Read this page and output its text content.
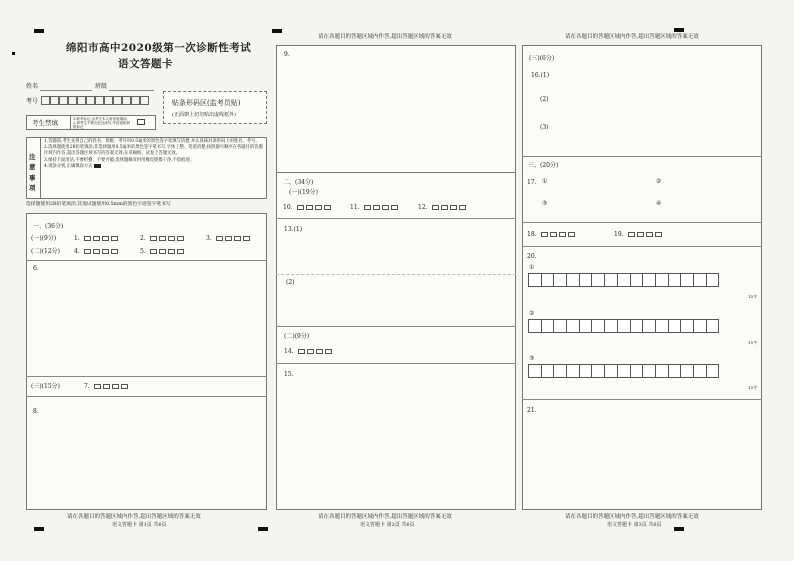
绵阳市高中2020级第一次诊断性考试
语文答题卡
姓名	班级
考号	贴条形码区(监考员贴)
(正面朝上切勿贴出虚线框外)
考生禁填	1.缺考标记,由考生本人用铅笔填涂。2.请考生不要在此处涂写,并检查贴码框标记
注意事项
1.答题前,考生先将自己的姓名、班级、考号用0.5毫米的黑色签字笔填写清楚,并认真核对条形码上的姓名、考号。
2.选择题使用2B铅笔填涂;非选择题用0.5毫米的黑色签字笔书写,字体工整、笔迹清楚;按照题号顺序在各题目的答题区域内作答,超出答题区域书写的答案无效;在草稿纸、试卷上答题无效。
3.保持卡面清洁,不要折叠、不要弄破;选择题修改时用橡皮擦擦干净,不留痕迹。
4.请涂分别,正确填涂方式
选择题使用2B铅笔填涂,其他试题使用0.5mm的黑色字迹签字笔书写
一、(36分)
(一)(9分)	1.	2.	3.
(二)(12分) 4.	5.
6.
(三)(15分)	7.
8.
请在各题目的答题区域内作答,超出答题区域的答案无效
语文答题卡 第1页 共6页
请在各题目的答题区域内作答,超出答题区域的答案无效
9.
二、(34分)
(一)(19分)
10.	11.	12.
13.(1)
(2)
(二)(9分)
14.
15.
请在各题目的答题区域内作答,超出答题区域的答案无效
语文答题卡 第2页 共6页
请在各题目的答题区域内作答,超出答题区域的答案无效
(三)(6分)
16.(1)
(2)
(3)
三、(20分)
17. ①	②
③	④
18.	19.
20.
①
15字
②
15字
③
15字
21.
请在各题目的答题区域内作答,超出答题区域的答案无效
语文答题卡 第3页 共6页
